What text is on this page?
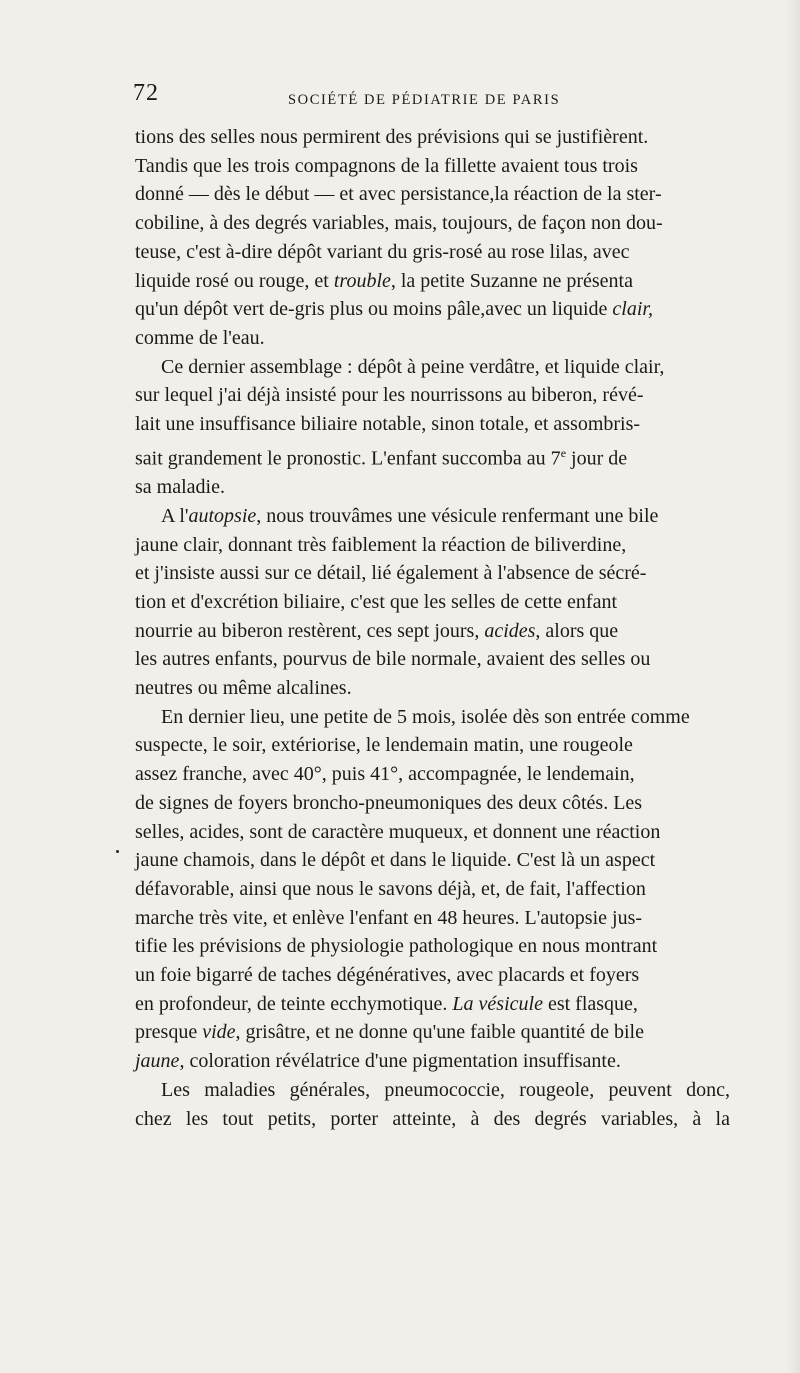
72	SOCIÉTÉ DE PÉDIATRIE DE PARIS

tions des selles nous permirent des prévisions qui se justifièrent.
Tandis que les trois compagnons de la fillette avaient tous trois
donné — dès le début — et avec persistance,la réaction de la ster-
cobiline, à des degrés variables, mais, toujours, de façon non dou-
teuse, c'est à-dire dépôt variant du gris-rosé au rose lilas, avec
liquide rosé ou rouge, et trouble, la petite Suzanne ne présenta
qu'un dépôt vert de-gris plus ou moins pâle,avec un liquide clair,
comme de l'eau.

Ce dernier assemblage : dépôt à peine verdâtre, et liquide clair,
sur lequel j'ai déjà insisté pour les nourrissons au biberon, révé-
lait une insuffisance biliaire notable, sinon totale, et assombris-
sait grandement le pronostic. L'enfant succomba au 7e jour de
sa maladie.

A l'autopsie, nous trouvâmes une vésicule renfermant une bile
jaune clair, donnant très faiblement la réaction de biliverdine,
et j'insiste aussi sur ce détail, lié également à l'absence de sécré-
tion et d'excrétion biliaire, c'est que les selles de cette enfant
nourrie au biberon restèrent, ces sept jours, acides, alors que
les autres enfants, pourvus de bile normale, avaient des selles ou
neutres ou même alcalines.

En dernier lieu, une petite de 5 mois, isolée dès son entrée comme
suspecte, le soir, extériorise, le lendemain matin, une rougeole
assez franche, avec 40°, puis 41°, accompagnée, le lendemain,
de signes de foyers broncho-pneumoniques des deux côtés. Les
selles, acides, sont de caractère muqueux, et donnent une réaction
jaune chamois, dans le dépôt et dans le liquide. C'est là un aspect
défavorable, ainsi que nous le savons déjà, et, de fait, l'affection
marche très vite, et enlève l'enfant en 48 heures. L'autopsie jus-
tifie les prévisions de physiologie pathologique en nous montrant
un foie bigarré de taches dégénératives, avec placards et foyers
en profondeur, de teinte ecchymotique. La vésicule est flasque,
presque vide, grisâtre, et ne donne qu'une faible quantité de bile
jaune, coloration révélatrice d'une pigmentation insuffisante.

Les maladies générales, pneumococcie, rougeole, peuvent donc,
chez les tout petits, porter atteinte, à des degrés variables, à la
